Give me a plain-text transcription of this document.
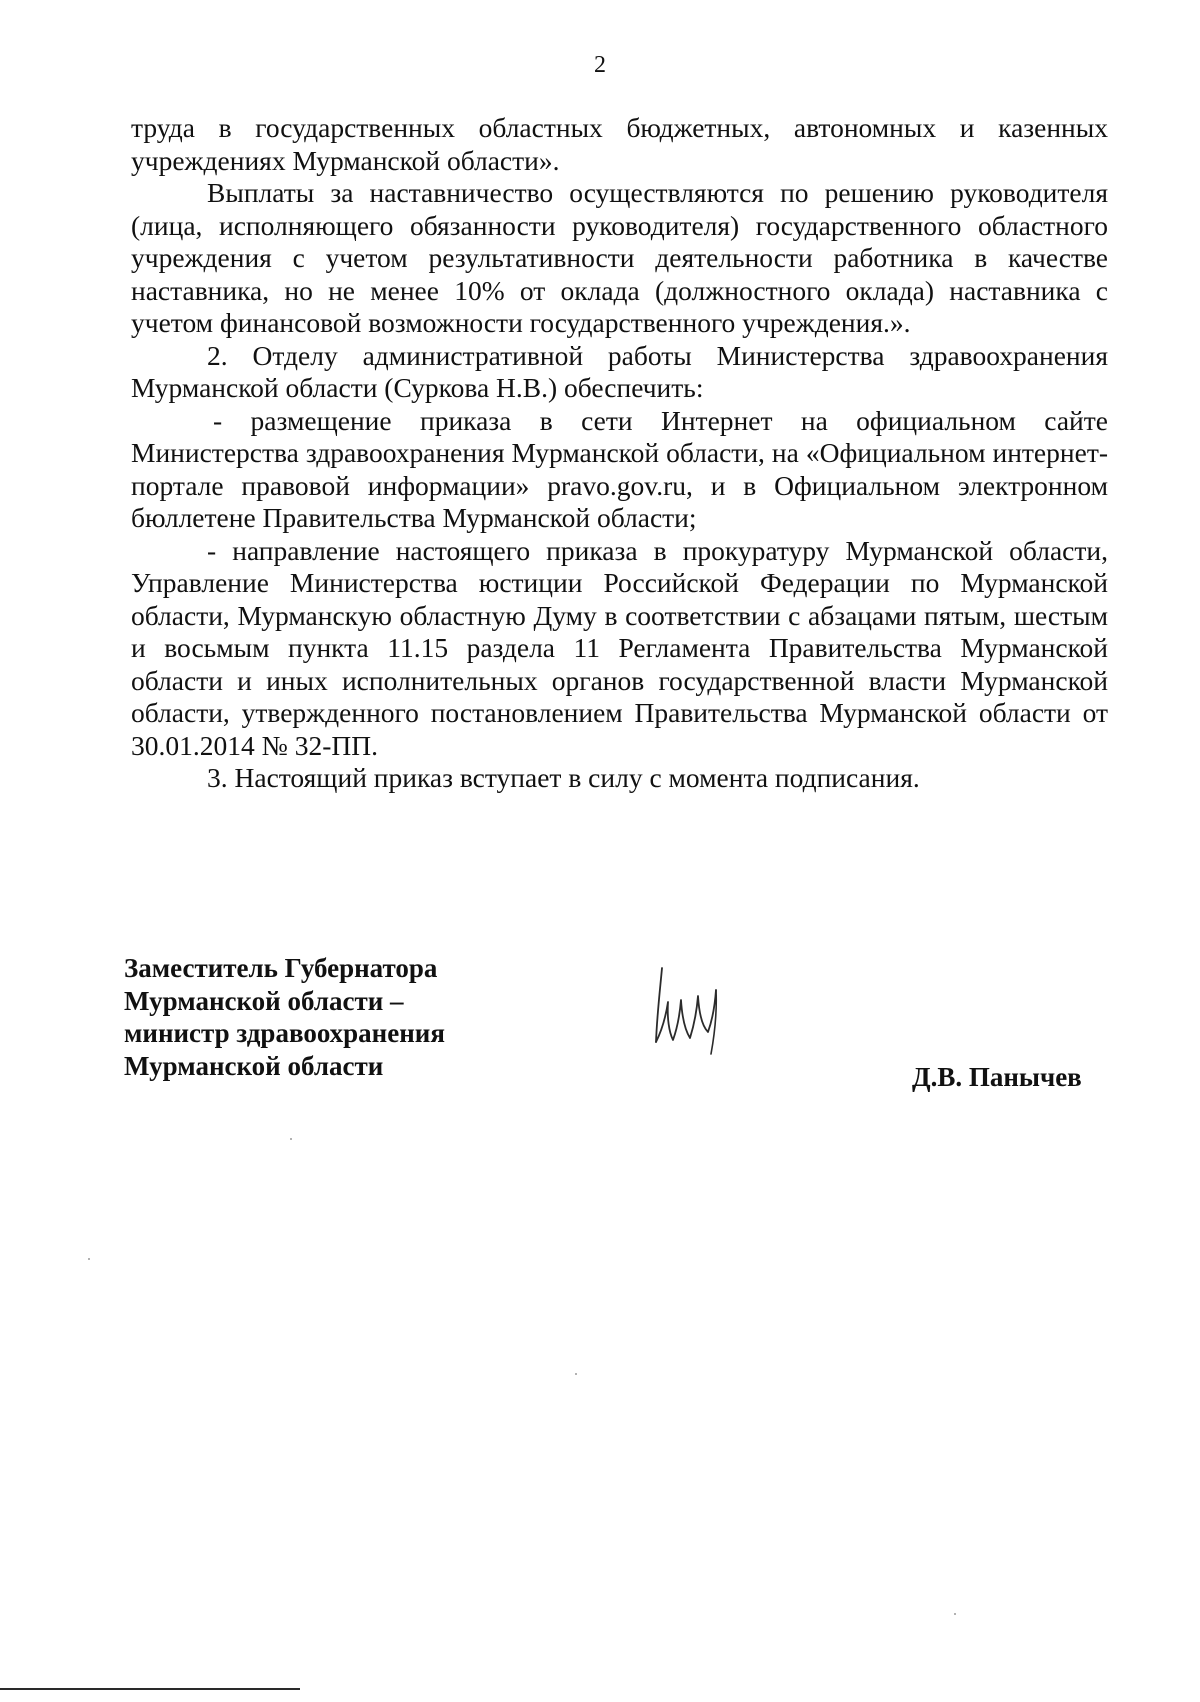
2

труда в государственных областных бюджетных, автономных и казенных учреждениях Мурманской области».

Выплаты за наставничество осуществляются по решению руководителя (лица, исполняющего обязанности руководителя) государственного областного учреждения с учетом результативности деятельности работника в качестве наставника, но не менее 10% от оклада (должностного оклада) наставника с учетом финансовой возможности государственного учреждения.».

2. Отделу административной работы Министерства здравоохранения Мурманской области (Суркова Н.В.) обеспечить:

- размещение приказа в сети Интернет на официальном сайте Министерства здравоохранения Мурманской области, на «Официальном интернет-портале правовой информации» pravo.gov.ru, и в Официальном электронном бюллетене Правительства Мурманской области;

- направление настоящего приказа в прокуратуру Мурманской области, Управление Министерства юстиции Российской Федерации по Мурманской области, Мурманскую областную Думу в соответствии с абзацами пятым, шестым и восьмым пункта 11.15 раздела 11 Регламента Правительства Мурманской области и иных исполнительных органов государственной власти Мурманской области, утвержденного постановлением Правительства Мурманской области от 30.01.2014 № 32-ПП.

3. Настоящий приказ вступает в силу с момента подписания.

Заместитель Губернатора
Мурманской области –
министр здравоохранения
Мурманской области	Д.В. Панычев
